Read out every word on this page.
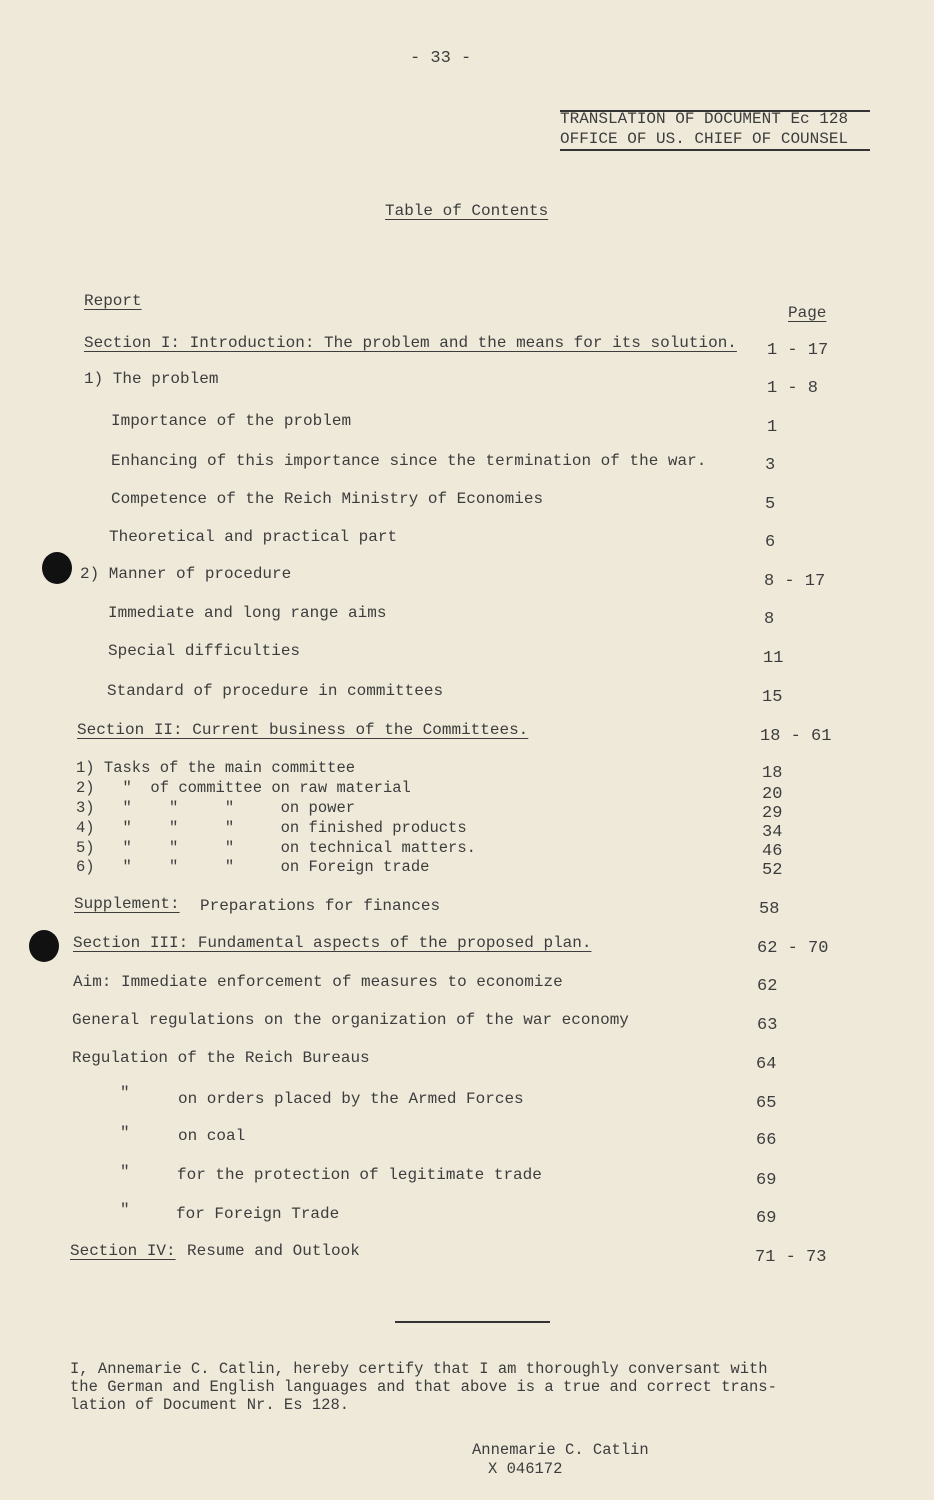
- 33 -
TRANSLATION OF DOCUMENT Ec 128
OFFICE OF US. CHIEF OF COUNSEL
Table of Contents
Report
Page
Section I: Introduction: The problem and the means for its solution. 1 - 17
1) The problem	1 - 8
Importance of the problem	1
Enhancing of this importance since the termination of the war.	3
Competence of the Reich Ministry of Economies	5
Theoretical and practical part	6
2) Manner of procedure	8 - 17
Immediate and long range aims	8
Special difficulties	11
Standard of procedure in committees	15
Section II: Current business of the Committees.	18 - 61
1) Tasks of the main committee	18
2)   "  of committee on raw material	20
3)   "    "     "     on power	29
4)   "    "     "     on finished products	34
5)   "    "     "     on technical matters.	46
6)   "    "     "     on Foreign trade	52
Supplement: Preparations for finances	58
Section III: Fundamental aspects of the proposed plan.	62 - 70
Aim: Immediate enforcement of measures to economize	62
General regulations on the organization of the war economy	63
Regulation of the Reich Bureaus	64
"	on orders placed by the Armed Forces	65
"	on coal	66
"	for the protection of legitimate trade	69
"	for Foreign Trade	69
Section IV: Resume and Outlook	71 - 73
I, Annemarie C. Catlin, hereby certify that I am thoroughly conversant with
the German and English languages and that above is a true and correct trans-
lation of Document Nr. Es 128.
Annemarie C. Catlin
X 046172
